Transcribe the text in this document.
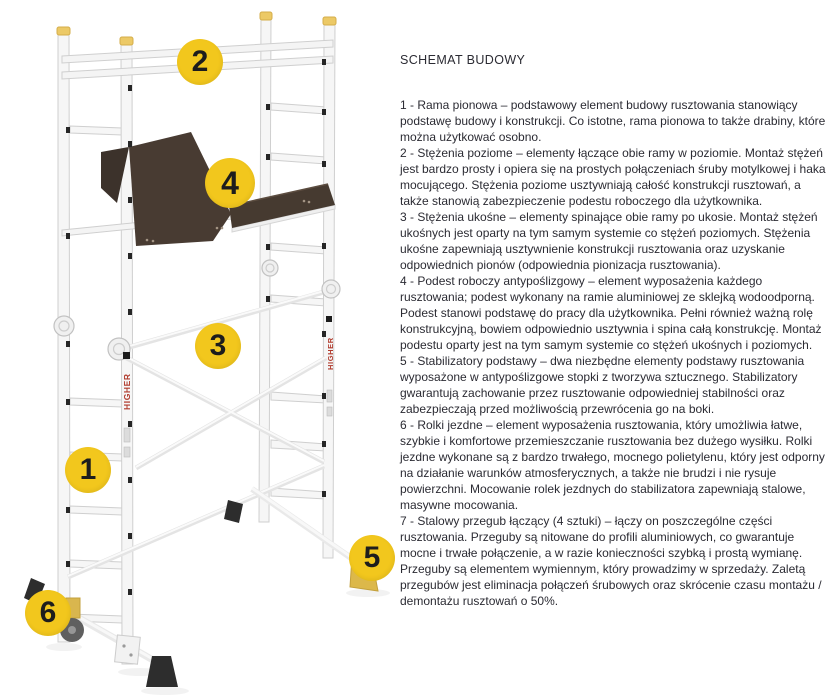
HIGHER
HIGHER
1
2
3
4
5
6
SCHEMAT BUDOWY

1 - Rama pionowa – podstawowy element budowy rusztowania stanowiący podstawę budowy i konstrukcji. Co istotne, rama pionowa to także drabiny, które można użytkować osobno.

2 - Stężenia poziome – elementy łączące obie ramy w poziomie. Montaż stężeń jest bardzo prosty i opiera się na prostych połączeniach śruby motylkowej i haka mocującego. Stężenia poziome usztywniają całość konstrukcji rusztowań, a także stanowią zabezpieczenie podestu roboczego dla użytkownika.

3 - Stężenia ukośne – elementy spinające obie ramy po ukosie. Montaż stężeń ukośnych jest oparty na tym samym systemie co stężeń poziomych. Stężenia ukośne zapewniają usztywnienie konstrukcji rusztowania oraz uzyskanie odpowiednich pionów (odpowiednia pionizacja rusztowania).

4 - Podest roboczy antypoślizgowy – element wyposażenia każdego rusztowania; podest wykonany na ramie aluminiowej ze sklejką wodoodporną. Podest stanowi podstawę do pracy dla użytkownika. Pełni również ważną rolę konstrukcyjną, bowiem odpowiednio usztywnia i spina całą konstrukcję. Montaż podestu oparty jest na tym samym systemie co stężeń ukośnych i poziomych.

5 - Stabilizatory podstawy – dwa niezbędne elementy podstawy rusztowania wyposażone w antypoślizgowe stopki z tworzywa sztucznego. Stabilizatory gwarantują zachowanie przez rusztowanie odpowiedniej stabilności oraz zabezpieczają przed możliwością przewrócenia go na boki.

6 - Rolki jezdne – element wyposażenia rusztowania, który umożliwia łatwe, szybkie i komfortowe przemieszczanie rusztowania bez dużego wysiłku. Rolki jezdne wykonane są z bardzo trwałego, mocnego polietylenu, który jest odporny na działanie warunków atmosferycznych, a także nie brudzi i nie rysuje powierzchni. Mocowanie rolek jezdnych do stabilizatora zapewniają stalowe, masywne mocowania.

7 - Stalowy przegub łączący (4 sztuki) – łączy on poszczególne części rusztowania. Przeguby są nitowane do profili aluminiowych, co gwarantuje mocne i trwałe połączenie, a w razie konieczności szybką i prostą wymianę. Przeguby są elementem wymiennym, który prowadzimy w sprzedaży. Zaletą przegubów jest eliminacja połączeń śrubowych oraz skrócenie czasu montażu / demontażu rusztowań o 50%.
